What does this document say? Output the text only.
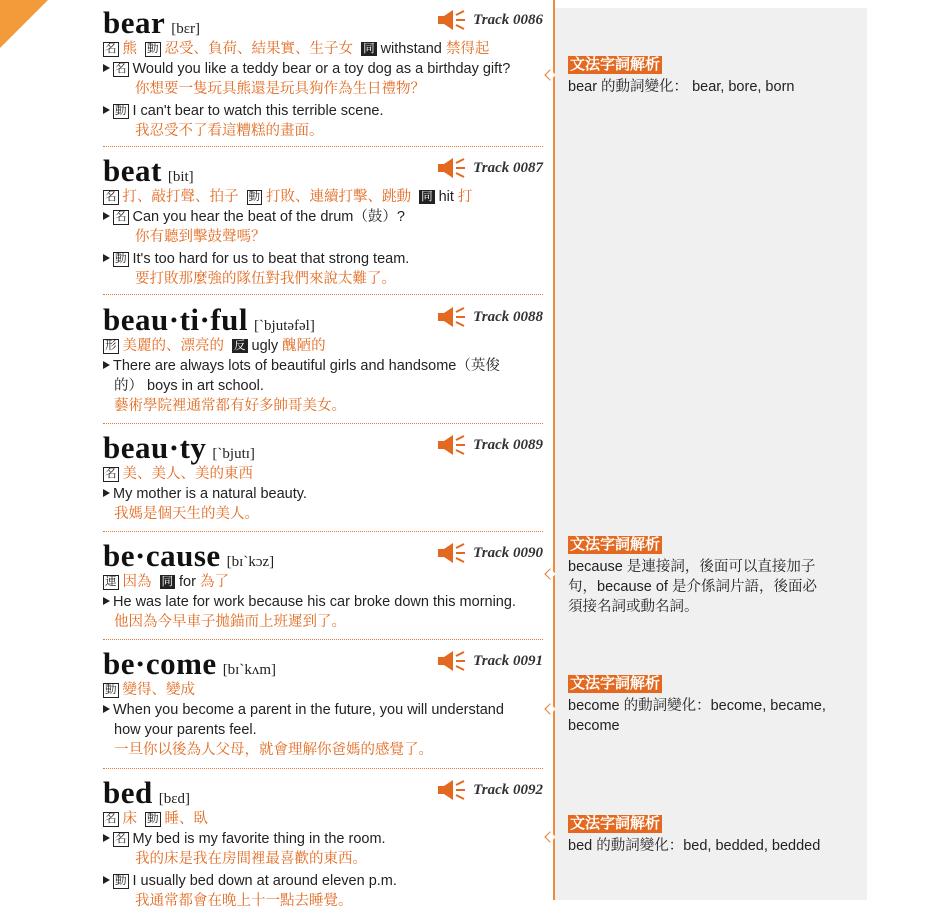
bear [bɛr]
Track 0086
名 熊 動 忍受、負荷、結果實、生子女 同 withstand 禁得起
名 Would you like a teddy bear or a toy dog as a birthday gift?
你想要一隻玩具熊還是玩具狗作為生日禮物？
動 I can't bear to watch this terrible scene.
我忍受不了看這糟糕的畫面。
beat [bit]
Track 0087
名 打、敲打聲、拍子 動 打敗、連續打擊、跳動 同 hit 打
名 Can you hear the beat of the drum（鼓）?
你有聽到擊鼓聲嗎？
動 It's too hard for us to beat that strong team.
要打敗那麼強的隊伍對我們來說太難了。
beau·ti·ful [ˋbjutəfəl]
Track 0088
形 美麗的、漂亮的 反 ugly 醜陋的
There are always lots of beautiful girls and handsome（英俊
的） boys in art school.
藝術學院裡通常都有好多帥哥美女。
beau·ty [ˋbjutɪ]
Track 0089
名 美、美人、美的東西
My mother is a natural beauty.
我媽是個天生的美人。
be·cause [bɪˋkɔz]
Track 0090
連 因為 同 for 為了
He was late for work because his car broke down this morning.
他因為今早車子拋錨而上班遲到了。
be·come [bɪˋkʌm]
Track 0091
動 變得、變成
When you become a parent in the future, you will understand
how your parents feel.
一旦你以後為人父母，就會理解你爸媽的感覺了。
bed [bɛd]
Track 0092
名 床 動 睡、臥
名 My bed is my favorite thing in the room.
我的床是我在房間裡最喜歡的東西。
動 I usually bed down at around eleven p.m.
我通常都會在晚上十一點去睡覺。
文法字詞解析
bear 的動詞變化： bear, bore, born
文法字詞解析
because 是連接詞，後面可以直接加子
句，because of 是介係詞片語，後面必
須接名詞或動名詞。
文法字詞解析
become 的動詞變化：become, became,
become
文法字詞解析
bed 的動詞變化：bed, bedded, bedded
